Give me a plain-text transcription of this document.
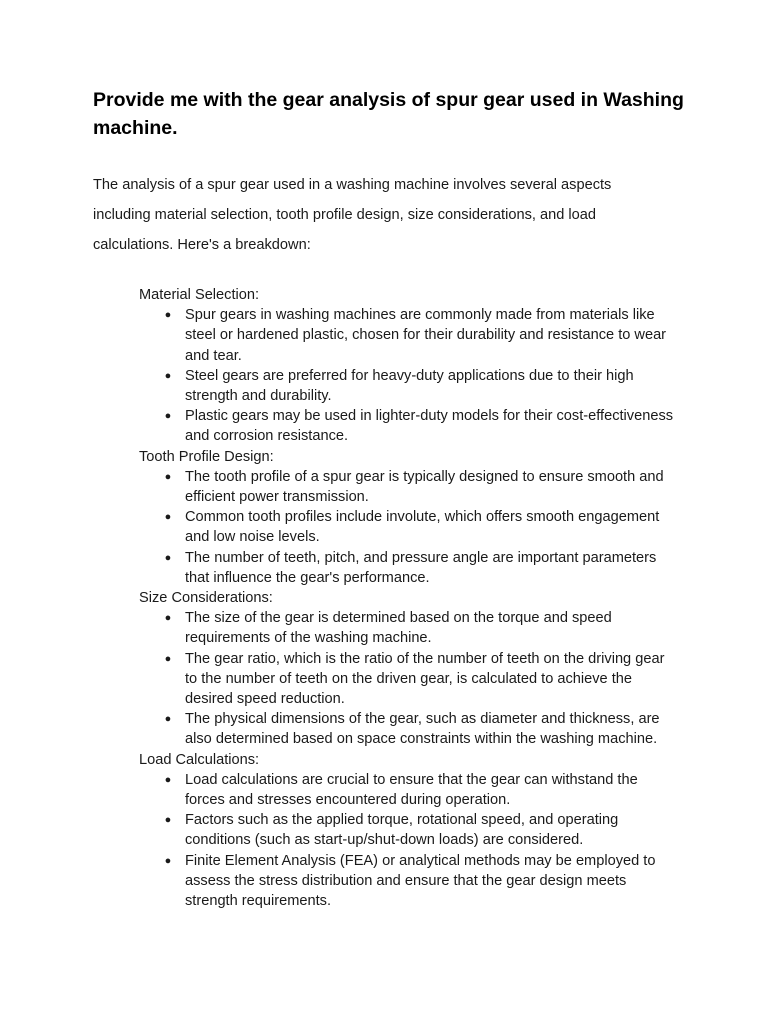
Provide me with the gear analysis of spur gear used in Washing machine.

The analysis of a spur gear used in a washing machine involves several aspects including material selection, tooth profile design, size considerations, and load calculations. Here's a breakdown:

Material Selection:

● Spur gears in washing machines are commonly made from materials like steel or hardened plastic, chosen for their durability and resistance to wear and tear.
● Steel gears are preferred for heavy-duty applications due to their high strength and durability.
● Plastic gears may be used in lighter-duty models for their cost-effectiveness and corrosion resistance.

Tooth Profile Design:

● The tooth profile of a spur gear is typically designed to ensure smooth and efficient power transmission.
● Common tooth profiles include involute, which offers smooth engagement and low noise levels.
● The number of teeth, pitch, and pressure angle are important parameters that influence the gear's performance.

Size Considerations:

● The size of the gear is determined based on the torque and speed requirements of the washing machine.
● The gear ratio, which is the ratio of the number of teeth on the driving gear to the number of teeth on the driven gear, is calculated to achieve the desired speed reduction.
● The physical dimensions of the gear, such as diameter and thickness, are also determined based on space constraints within the washing machine.

Load Calculations:

● Load calculations are crucial to ensure that the gear can withstand the forces and stresses encountered during operation.
● Factors such as the applied torque, rotational speed, and operating conditions (such as start-up/shut-down loads) are considered.
● Finite Element Analysis (FEA) or analytical methods may be employed to assess the stress distribution and ensure that the gear design meets strength requirements.
